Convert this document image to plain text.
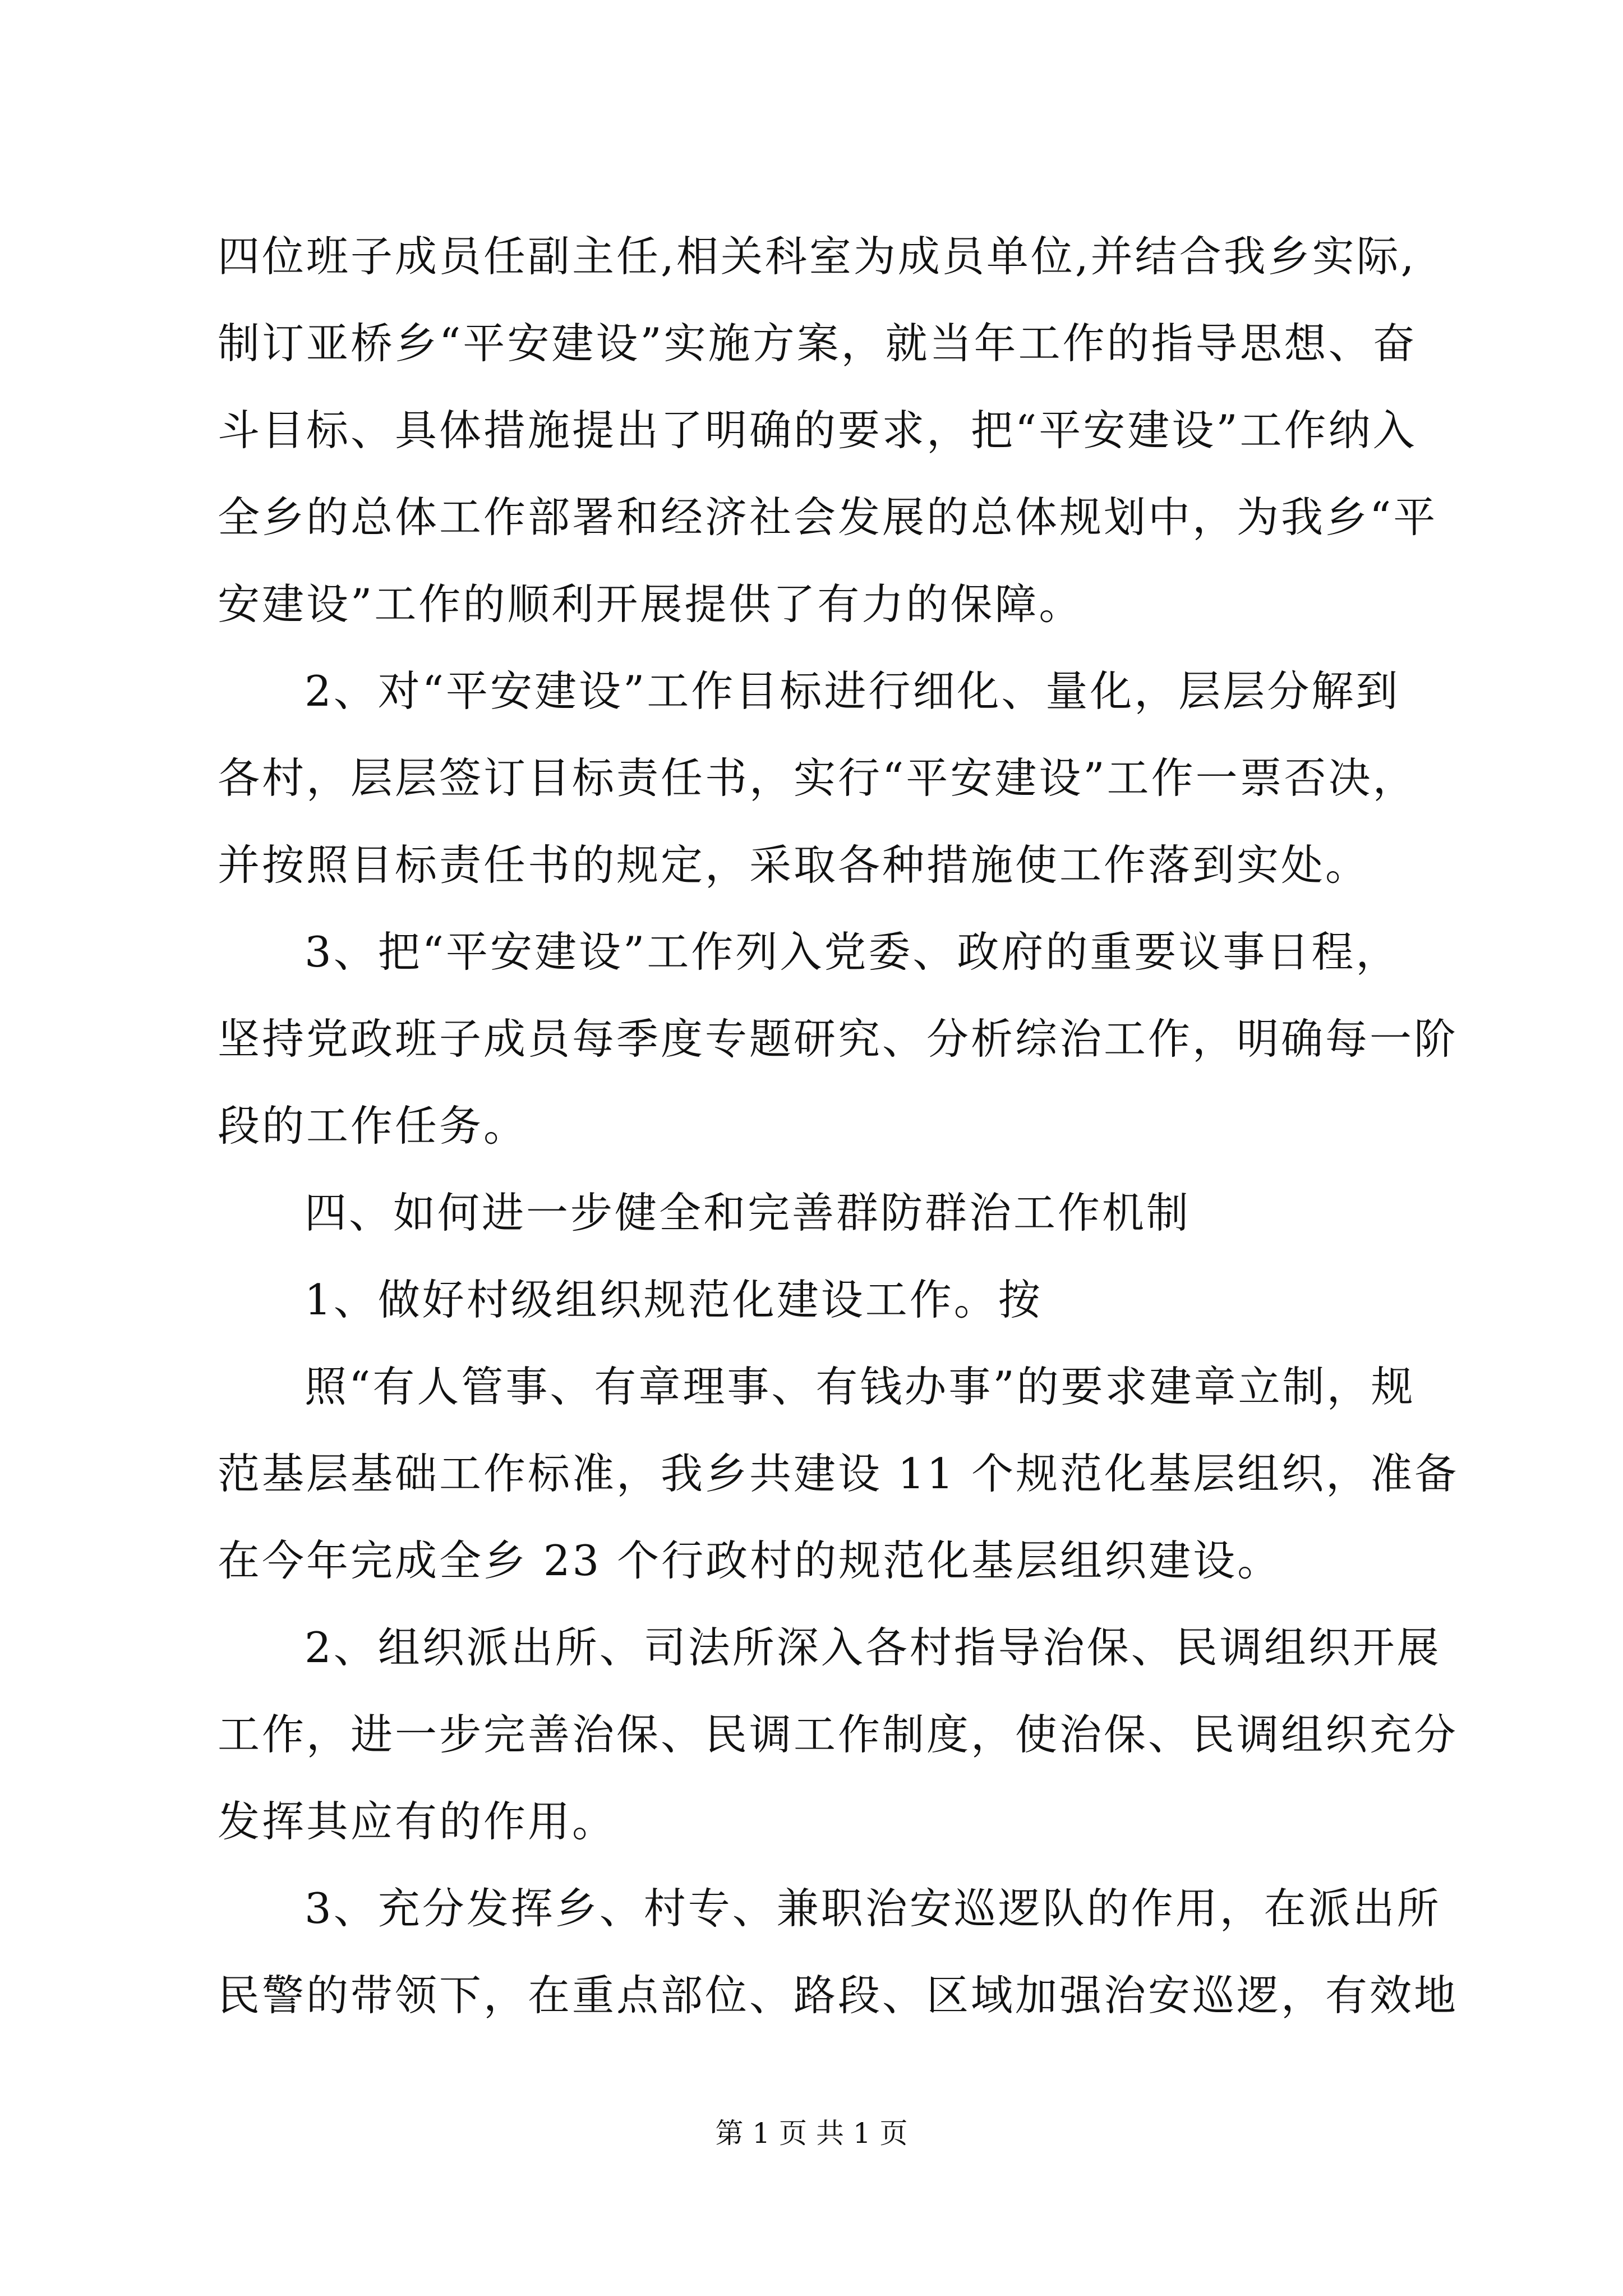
四位班子成员任副主任,相关科室为成员单位,并结合我乡实际,
制订亚桥乡“平安建设”实施方案，就当年工作的指导思想、奋
斗目标、具体措施提出了明确的要求，把“平安建设”工作纳入
全乡的总体工作部署和经济社会发展的总体规划中，为我乡“平
安建设”工作的顺利开展提供了有力的保障。
2、对“平安建设”工作目标进行细化、量化，层层分解到
各村，层层签订目标责任书，实行“平安建设”工作一票否决，
并按照目标责任书的规定，采取各种措施使工作落到实处。
3、把“平安建设”工作列入党委、政府的重要议事日程，
坚持党政班子成员每季度专题研究、分析综治工作，明确每一阶
段的工作任务。
四、如何进一步健全和完善群防群治工作机制
1、做好村级组织规范化建设工作。按
照“有人管事、有章理事、有钱办事”的要求建章立制，规
范基层基础工作标准，我乡共建设 11 个规范化基层组织，准备
在今年完成全乡 23 个行政村的规范化基层组织建设。
2、组织派出所、司法所深入各村指导治保、民调组织开展
工作，进一步完善治保、民调工作制度，使治保、民调组织充分
发挥其应有的作用。
3、充分发挥乡、村专、兼职治安巡逻队的作用，在派出所
民警的带领下，在重点部位、路段、区域加强治安巡逻，有效地
第 1 页 共 1 页
